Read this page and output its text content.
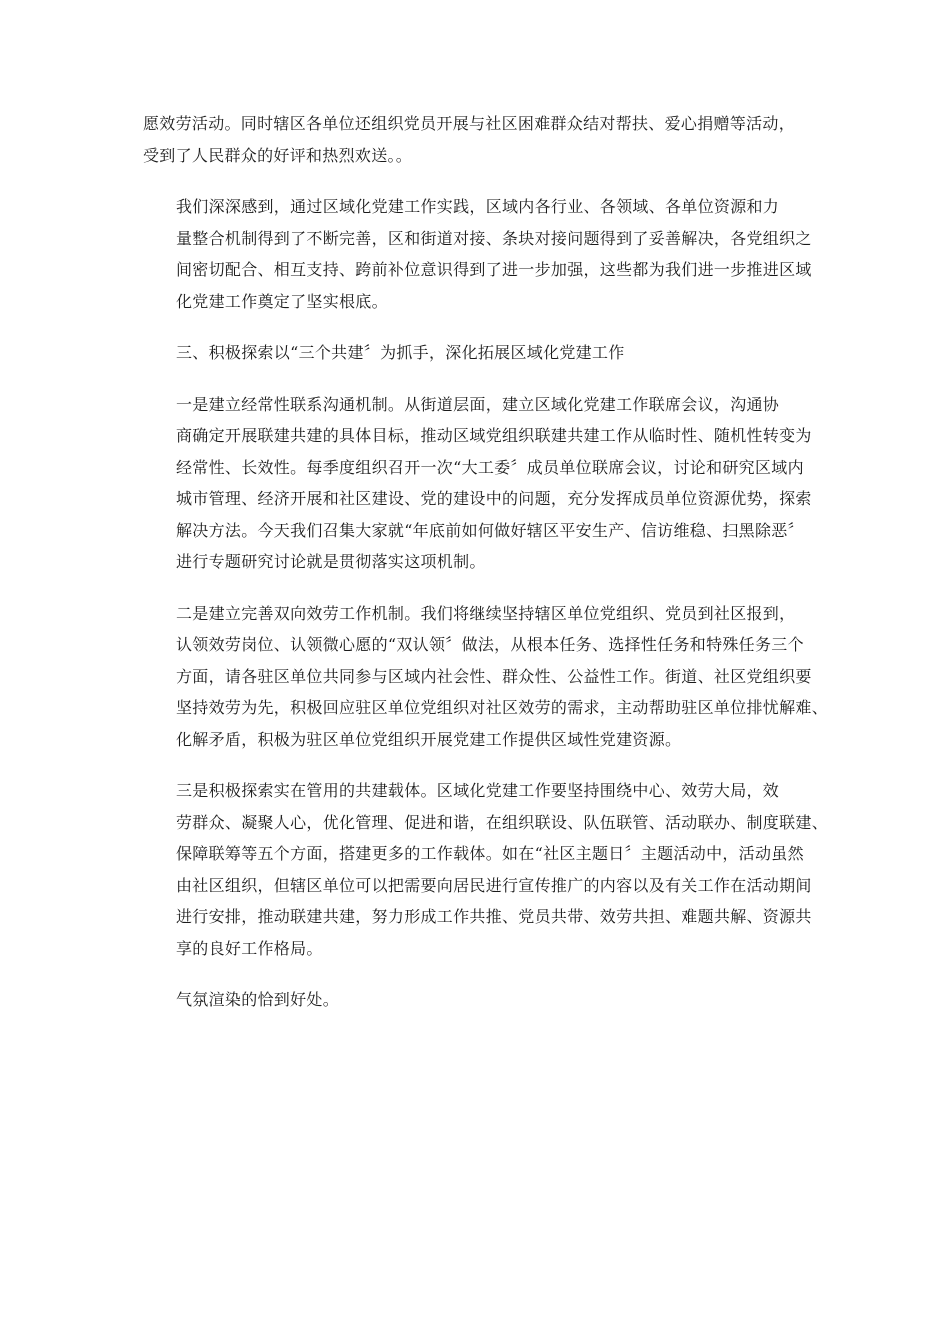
愿效劳活动。同时辖区各单位还组织党员开展与社区困难群众结对帮扶、爱心捐赠等活动，
受到了人民群众的好评和热烈欢送。。

我们深深感到，通过区域化党建工作实践，区域内各行业、各领域、各单位资源和力
量整合机制得到了不断完善，区和街道对接、条块对接问题得到了妥善解决，各党组织之
间密切配合、相互支持、跨前补位意识得到了进一步加强，这些都为我们进一步推进区域
化党建工作奠定了坚实根底。

三、积极探索以“三个共建〞为抓手，深化拓展区域化党建工作

一是建立经常性联系沟通机制。从街道层面，建立区域化党建工作联席会议，沟通协
商确定开展联建共建的具体目标，推动区域党组织联建共建工作从临时性、随机性转变为
经常性、长效性。每季度组织召开一次“大工委〞成员单位联席会议，讨论和研究区域内
城市管理、经济开展和社区建设、党的建设中的问题，充分发挥成员单位资源优势，探索
解决方法。今天我们召集大家就“年底前如何做好辖区平安生产、信访维稳、扫黑除恶〞
进行专题研究讨论就是贯彻落实这项机制。

二是建立完善双向效劳工作机制。我们将继续坚持辖区单位党组织、党员到社区报到，
认领效劳岗位、认领微心愿的“双认领〞做法，从根本任务、选择性任务和特殊任务三个
方面，请各驻区单位共同参与区域内社会性、群众性、公益性工作。街道、社区党组织要
坚持效劳为先，积极回应驻区单位党组织对社区效劳的需求，主动帮助驻区单位排忧解难、
化解矛盾，积极为驻区单位党组织开展党建工作提供区域性党建资源。

三是积极探索实在管用的共建载体。区域化党建工作要坚持围绕中心、效劳大局，效
劳群众、凝聚人心，优化管理、促进和谐，在组织联设、队伍联管、活动联办、制度联建、
保障联筹等五个方面，搭建更多的工作载体。如在“社区主题日〞主题活动中，活动虽然
由社区组织，但辖区单位可以把需要向居民进行宣传推广的内容以及有关工作在活动期间
进行安排，推动联建共建，努力形成工作共推、党员共带、效劳共担、难题共解、资源共
享的良好工作格局。

气氛渲染的恰到好处。
